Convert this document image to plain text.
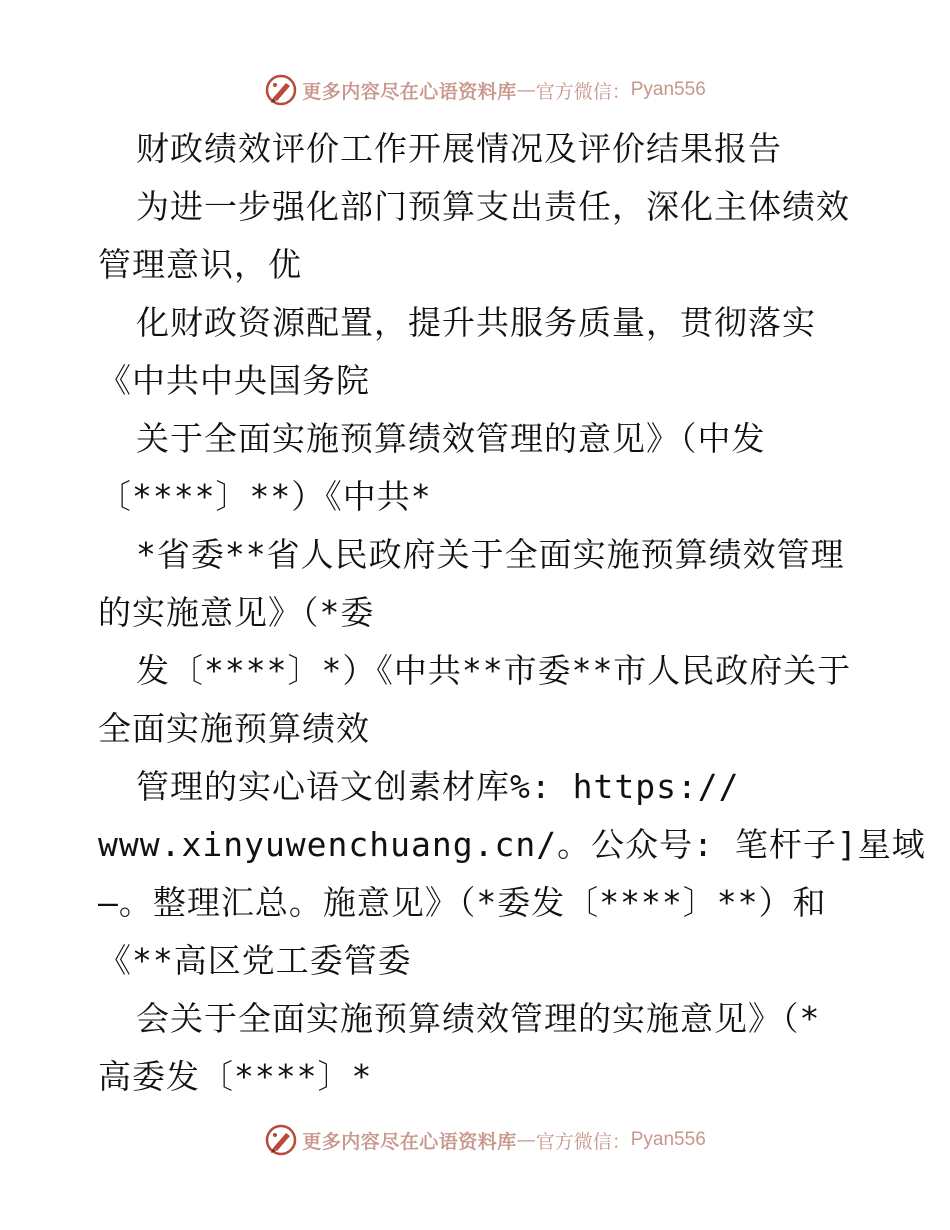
更多内容尽在心语资料库 — 官方微信： Pyan556
财政绩效评价工作开展情况及评价结果报告
为进一步强化部门预算支出责任，深化主体绩效
管理意识，优
化财政资源配置，提升共服务质量，贯彻落实
《中共中央国务院
关于全面实施预算绩效管理的意见》（中发
〔****〕**）《中共*
*省委**省人民政府关于全面实施预算绩效管理
的实施意见》（*委
发〔****〕*）《中共**市委**市人民政府关于
全面实施预算绩效
管理的实心语文创素材库%: https://
www.xinyuwenchuang.cn/。公众号: 笔杆子]星域
—。整理汇总。施意见》（*委发〔****〕**）和
《**高区党工委管委
会关于全面实施预算绩效管理的实施意见》（*
高委发〔****〕*
更多内容尽在心语资料库 — 官方微信： Pyan556
